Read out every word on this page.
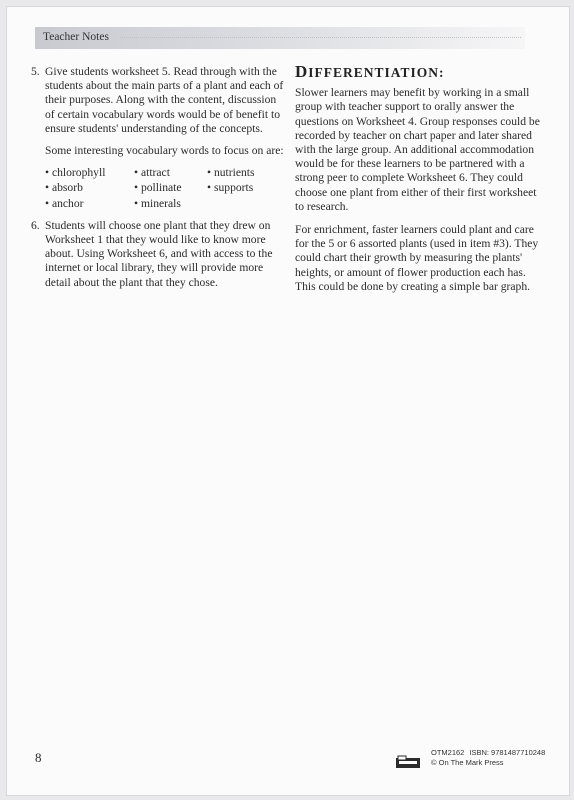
Teacher Notes
5. Give students worksheet 5. Read through with the students about the main parts of a plant and each of their purposes. Along with the content, discussion of certain vocabulary words would be of benefit to ensure students' understanding of the concepts.

Some interesting vocabulary words to focus on are:

• chlorophyll	• attract	• nutrients
• absorb	• pollinate	• supports
• anchor	• minerals
6. Students will choose one plant that they drew on Worksheet 1 that they would like to know more about. Using Worksheet 6, and with access to the internet or local library, they will provide more detail about the plant that they chose.

DIFFERENTIATION:

Slower learners may benefit by working in a small group with teacher support to orally answer the questions on Worksheet 4. Group responses could be recorded by teacher on chart paper and later shared with the large group. An additional accommodation would be for these learners to be partnered with a strong peer to complete Worksheet 6. They could choose one plant from either of their first worksheet to research.

For enrichment, faster learners could plant and care for the 5 or 6 assorted plants (used in item #3). They could chart their growth by measuring the plants' heights, or amount of flower production each has. This could be done by creating a simple bar graph.

8	OTM2162 ISBN: 9781487710248
© On The Mark Press
